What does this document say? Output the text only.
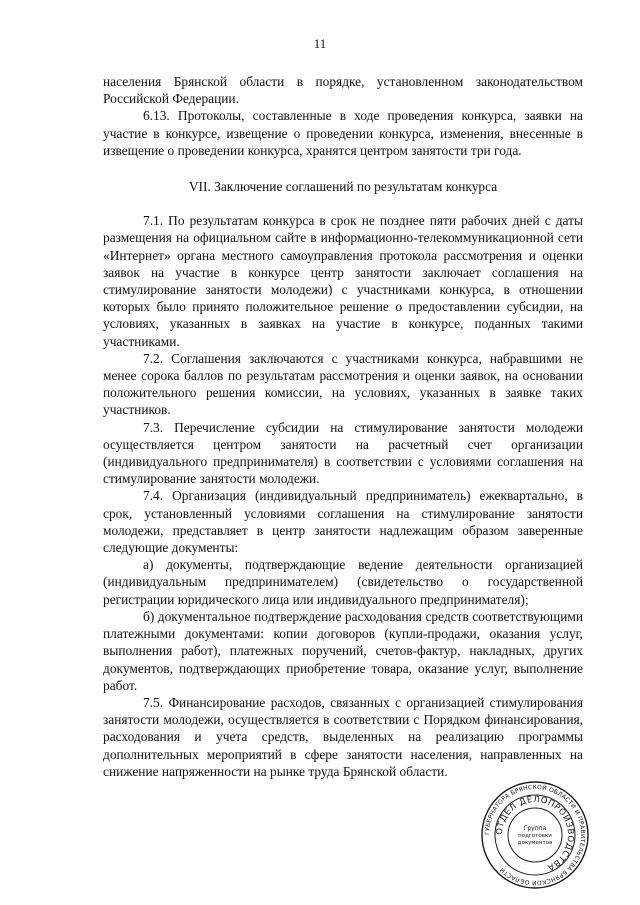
11

населения Брянской области в порядке, установленном законодательством Российской Федерации.

6.13. Протоколы, составленные в ходе проведения конкурса, заявки на участие в конкурсе, извещение о проведении конкурса, изменения, внесенные в извещение о проведении конкурса, хранятся центром занятости три года.

VII. Заключение соглашений по результатам конкурса

7.1. По результатам конкурса в срок не позднее пяти рабочих дней с даты размещения на официальном сайте в информационно-телекоммуникационной сети «Интернет» органа местного самоуправления протокола рассмотрения и оценки заявок на участие в конкурсе центр занятости заключает соглашения на стимулирование занятости молодежи) с участниками конкурса, в отношении которых было принято положительное решение о предоставлении субсидии, на условиях, указанных в заявках на участие в конкурсе, поданных такими участниками.

7.2. Соглашения заключаются с участниками конкурса, набравшими не менее сорока баллов по результатам рассмотрения и оценки заявок, на основании положительного решения комиссии, на условиях, указанных в заявке таких участников.

7.3. Перечисление субсидии на стимулирование занятости молодежи осуществляется центром занятости на расчетный счет организации (индивидуального предпринимателя) в соответствии с условиями соглашения на стимулирование занятости молодежи.

7.4. Организация (индивидуальный предприниматель) ежеквартально, в срок, установленный условиями соглашения на стимулирование занятости молодежи, представляет в центр занятости надлежащим образом заверенные следующие документы:

а) документы, подтверждающие ведение деятельности организацией (индивидуальным предпринимателем) (свидетельство о государственной регистрации юридического лица или индивидуального предпринимателя);

б) документальное подтверждение расходования средств соответствующими платежными документами: копии договоров (купли-продажи, оказания услуг, выполнения работ), платежных поручений, счетов-фактур, накладных, других документов, подтверждающих приобретение товара, оказание услуг, выполнение работ.

7.5. Финансирование расходов, связанных с организацией стимулирования занятости молодежи, осуществляется в соответствии с Порядком финансирования, расходования и учета средств, выделенных на реализацию программы дополнительных мероприятий в сфере занятости населения, направленных на снижение напряженности на рынке труда Брянской области.

ГУБЕРНАТОРА БРЯНСКОЙ ОБЛАСТИ И ПРАВИТЕЛЬСТВА БРЯНСКОЙ ОБЛАСТИ
ОТДЕЛ ДЕЛОПРОИЗВОДСТВА
Группа
подготовки
документов
